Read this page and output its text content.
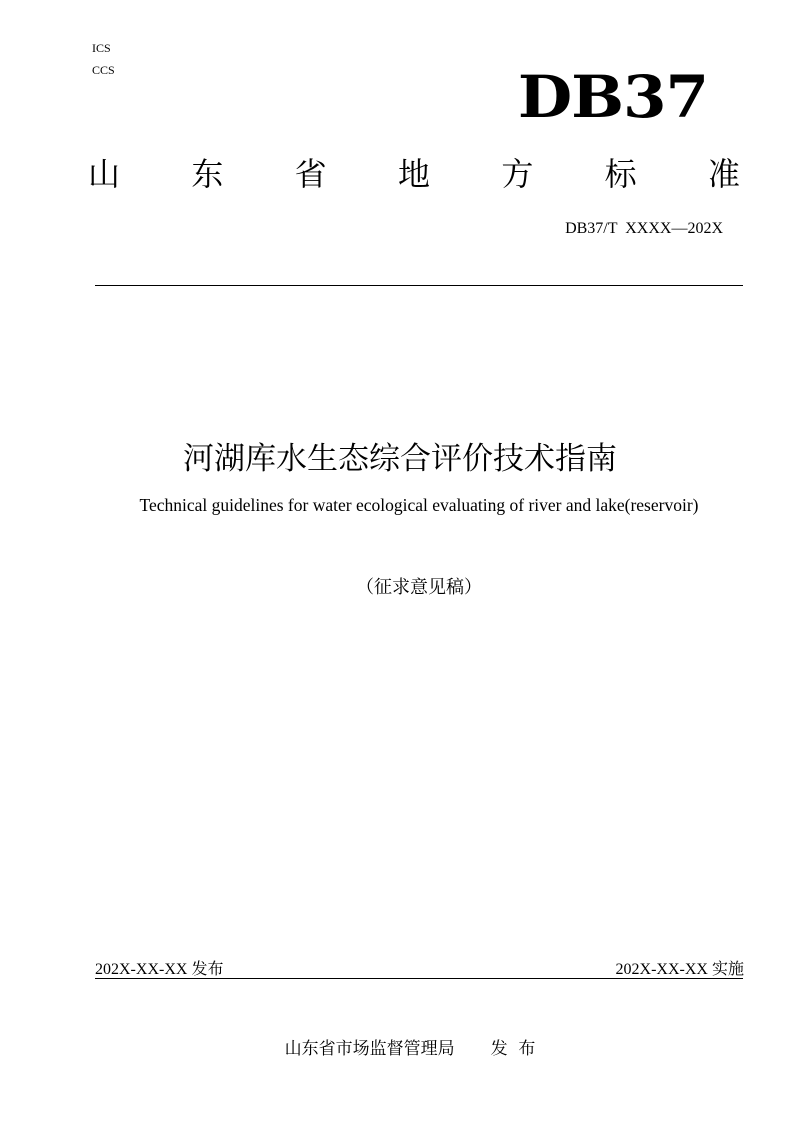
ICS
CCS	DB37
山 东 省 地 方 标 准
DB37/T  XXXX—202X
河湖库水生态综合评价技术指南
Technical guidelines for water ecological evaluating of river and lake(reservoir)
（征求意见稿）
202X-XX-XX 发布	202X-XX-XX 实施
山东省市场监督管理局 发  布
